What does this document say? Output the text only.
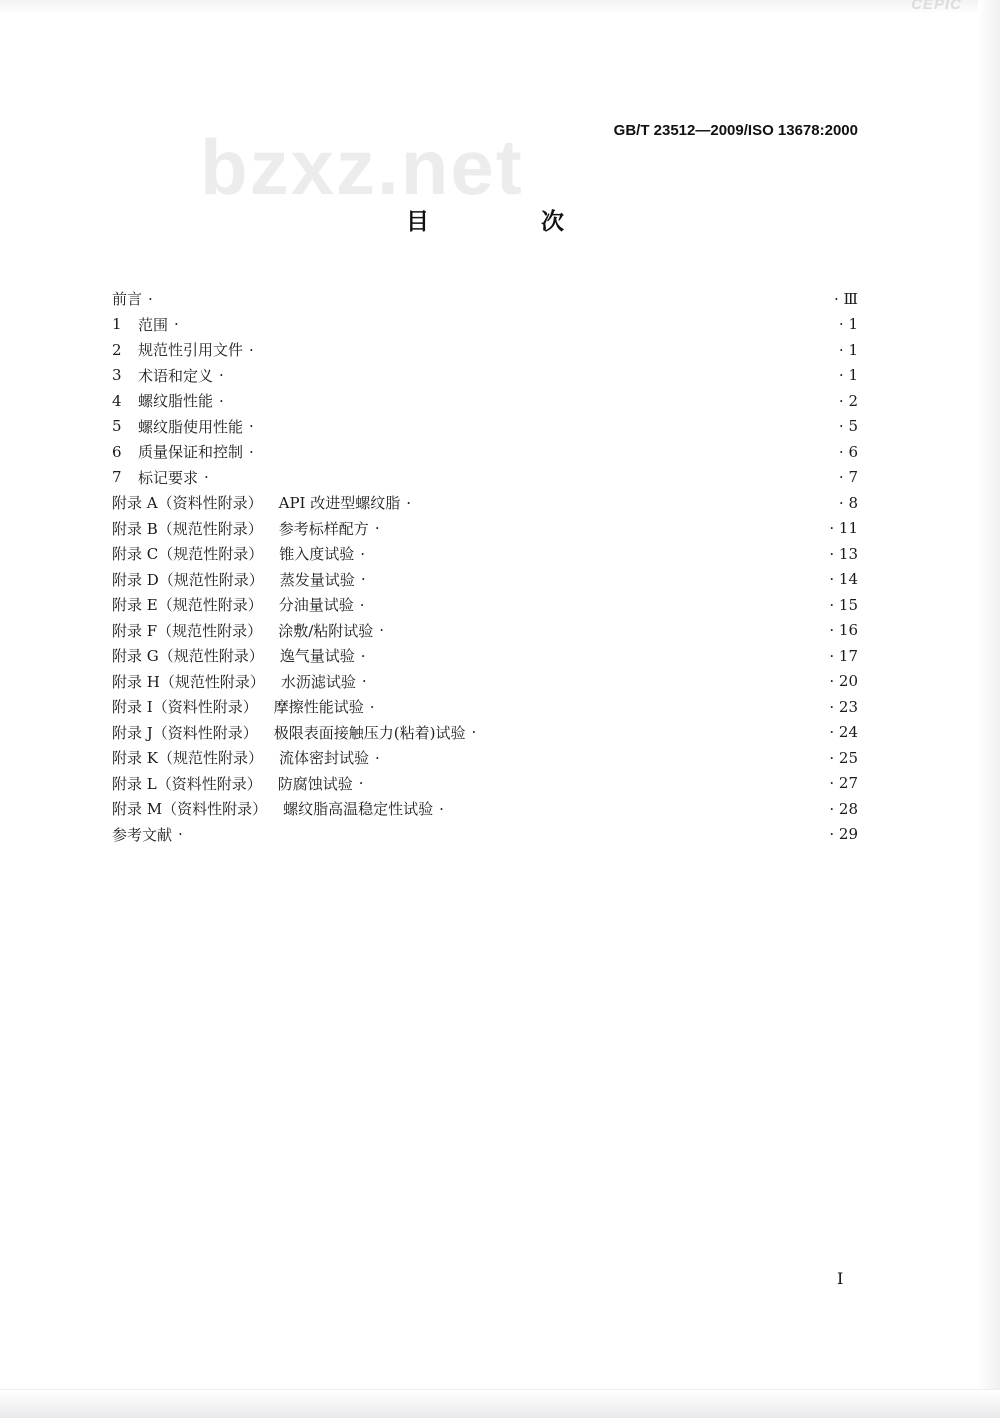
CEPIC
bzxz.net	GB/T 23512—2009/ISO 13678:2000
目 次
前言 ·	· Ⅲ
1	范围 ·	· 1
2	规范性引用文件 ·	· 1
3	术语和定义 ·	· 1
4	螺纹脂性能 ·	· 2
5	螺纹脂使用性能 ·	· 5
6	质量保证和控制 ·	· 6
7	标记要求 ·	· 7
附录 A（资料性附录） API 改进型螺纹脂 ·	· 8
附录 B（规范性附录） 参考标样配方 ·	· 11
附录 C（规范性附录） 锥入度试验 ·	· 13
附录 D（规范性附录） 蒸发量试验 ·	· 14
附录 E（规范性附录） 分油量试验 ·	· 15
附录 F（规范性附录） 涂敷/粘附试验 ·	· 16
附录 G（规范性附录） 逸气量试验 ·	· 17
附录 H（规范性附录） 水沥滤试验 ·	· 20
附录 I（资料性附录） 摩擦性能试验 ·	· 23
附录 J（资料性附录） 极限表面接触压力(粘着)试验 ·	· 24
附录 K（规范性附录） 流体密封试验 ·	· 25
附录 L（资料性附录） 防腐蚀试验 ·	· 27
附录 M（资料性附录） 螺纹脂高温稳定性试验 ·	· 28
参考文献 ·	· 29
I
